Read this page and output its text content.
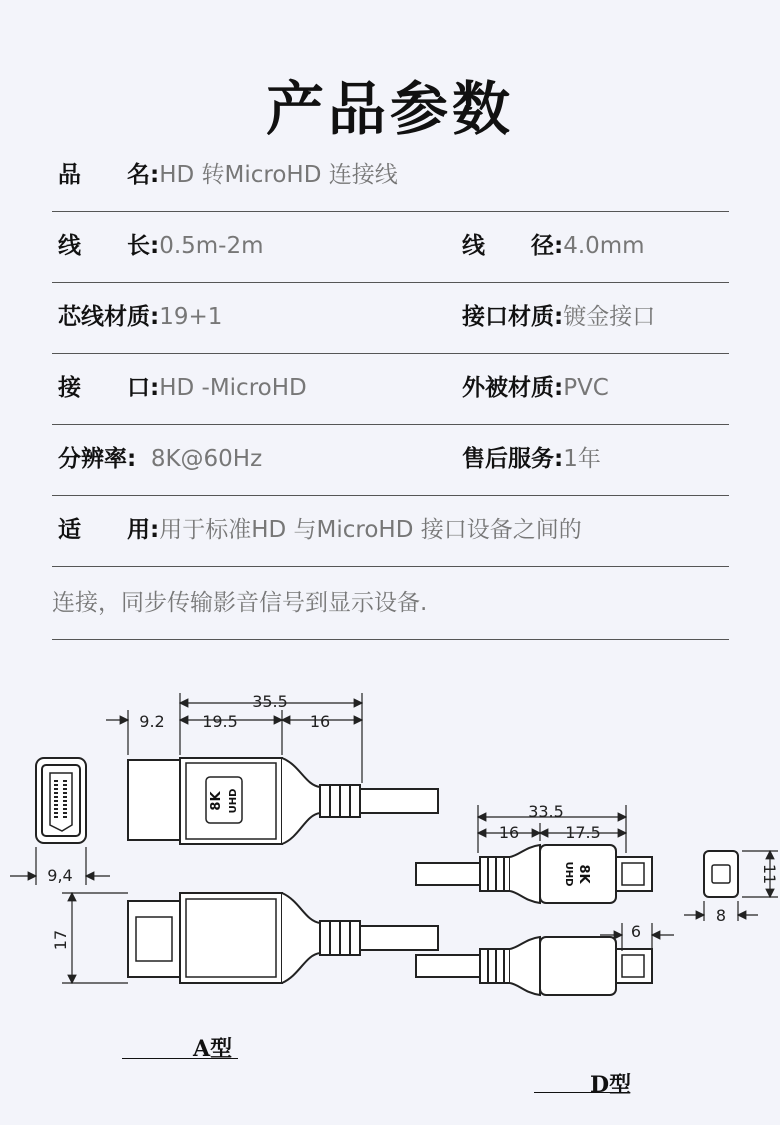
产品参数
品　　名:HD 转MicroHD 连接线
线　　长:0.5m-2m	线　　径:4.0mm
芯线材质:19+1	接口材质:镀金接口
接　　口:HD -MicroHD	外被材质:PVC
分辨率: 8K@60Hz	售后服务:1年
适　　用:用于标准HD 与MicroHD 接口设备之间的
连接，同步传输影音信号到显示设备.
8K UHD
35.5
9.2 19.5	16
9,4
17
8K
UHD
33.5
16	17.5
6
8
11
A型
D型
